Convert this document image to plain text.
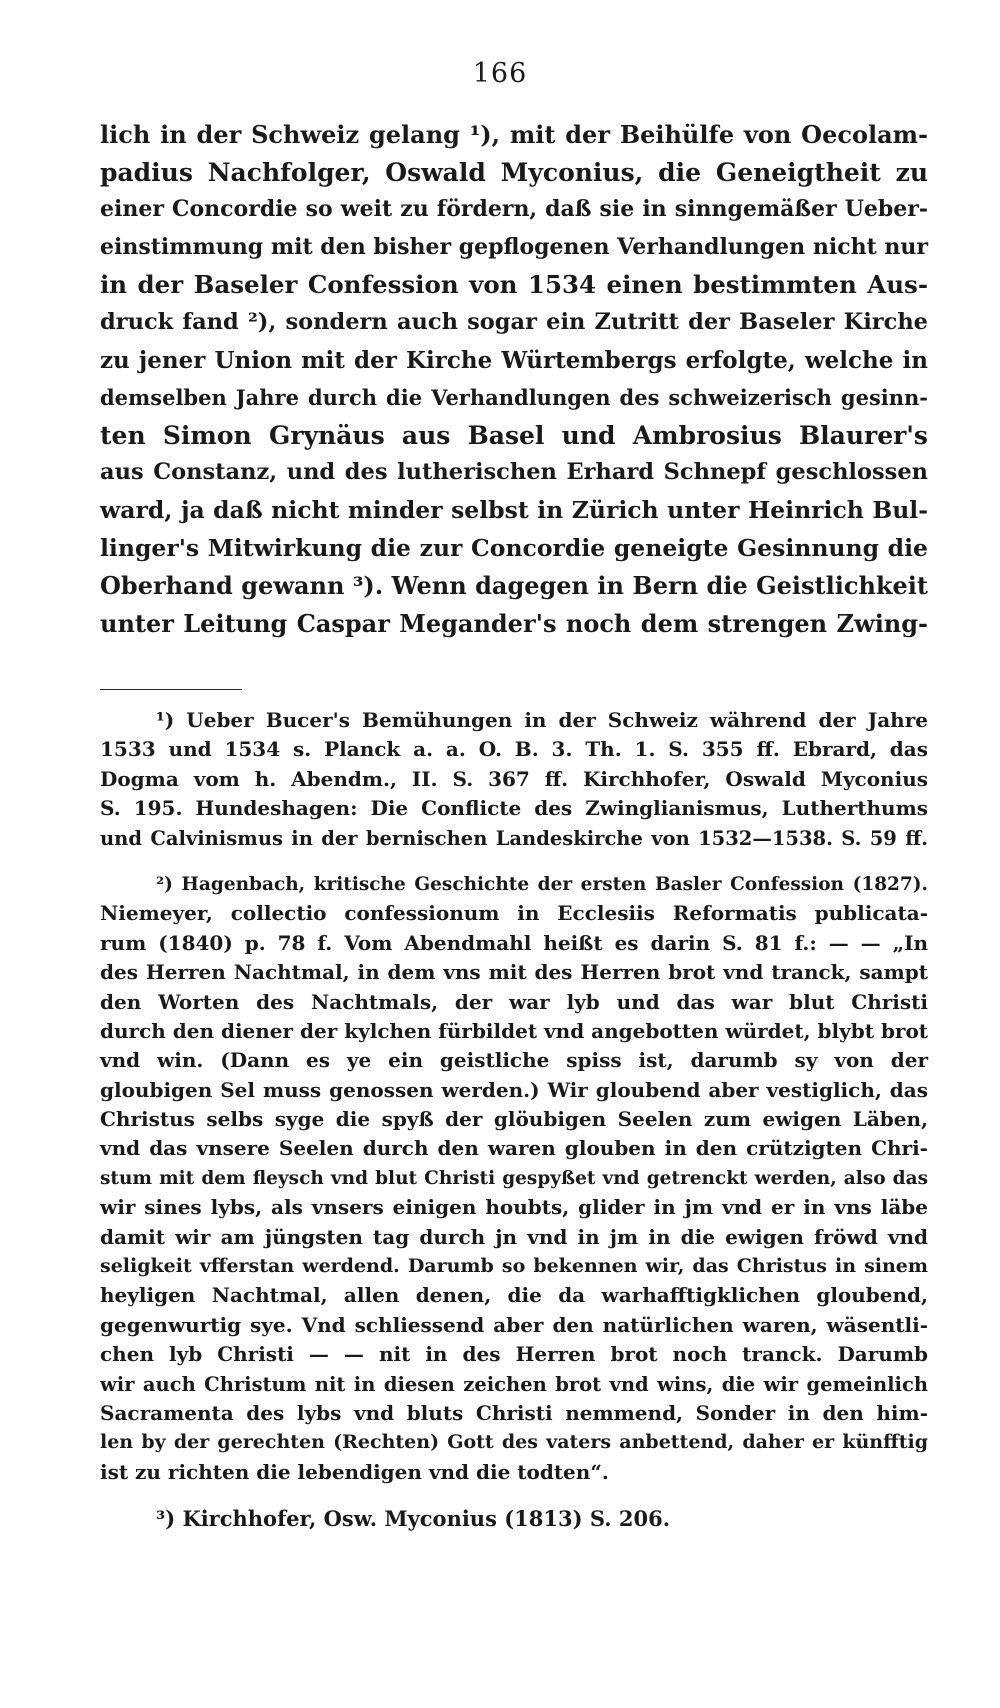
166
lich in der Schweiz gelang ¹), mit der Beihülfe von Oecolam-
padius Nachfolger, Oswald Myconius, die Geneigtheit zu
einer Concordie so weit zu fördern, daß sie in sinngemäßer Ueber-
einstimmung mit den bisher gepflogenen Verhandlungen nicht nur
in der Baseler Confession von 1534 einen bestimmten Aus-
druck fand ²), sondern auch sogar ein Zutritt der Baseler Kirche
zu jener Union mit der Kirche Würtembergs erfolgte, welche in
demselben Jahre durch die Verhandlungen des schweizerisch gesinn-
ten Simon Grynäus aus Basel und Ambrosius Blaurer's
aus Constanz, und des lutherischen Erhard Schnepf geschlossen
ward, ja daß nicht minder selbst in Zürich unter Heinrich Bul-
linger's Mitwirkung die zur Concordie geneigte Gesinnung die
Oberhand gewann ³). Wenn dagegen in Bern die Geistlichkeit
unter Leitung Caspar Megander's noch dem strengen Zwing-
¹) Ueber Bucer's Bemühungen in der Schweiz während der Jahre
1533 und 1534 s. Planck a. a. O. B. 3. Th. 1. S. 355 ff. Ebrard, das
Dogma vom h. Abendm., II. S. 367 ff. Kirchhofer, Oswald Myconius
S. 195. Hundeshagen: Die Conflicte des Zwinglianismus, Lutherthums
und Calvinismus in der bernischen Landeskirche von 1532—1538. S. 59 ff.
²) Hagenbach, kritische Geschichte der ersten Basler Confession (1827).
Niemeyer, collectio confessionum in Ecclesiis Reformatis publicata-
rum (1840) p. 78 f. Vom Abendmahl heißt es darin S. 81 f.: — — „In
des Herren Nachtmal, in dem vns mit des Herren brot vnd tranck, sampt
den Worten des Nachtmals, der war lyb und das war blut Christi
durch den diener der kylchen fürbildet vnd angebotten würdet, blybt brot
vnd win. (Dann es ye ein geistliche spiss ist, darumb sy von der
gloubigen Sel muss genossen werden.) Wir gloubend aber vestiglich, das
Christus selbs syge die spyß der glöubigen Seelen zum ewigen Läben,
vnd das vnsere Seelen durch den waren glouben in den crützigten Chri-
stum mit dem fleysch vnd blut Christi gespyßet vnd getrenckt werden, also das
wir sines lybs, als vnsers einigen houbts, glider in jm vnd er in vns läbe
damit wir am jüngsten tag durch jn vnd in jm in die ewigen fröwd vnd
seligkeit vfferstan werdend. Darumb so bekennen wir, das Christus in sinem
heyligen Nachtmal, allen denen, die da warhafftigklichen gloubend,
gegenwurtig sye. Vnd schliessend aber den natürlichen waren, wäsentli-
chen lyb Christi — — nit in des Herren brot noch tranck. Darumb
wir auch Christum nit in diesen zeichen brot vnd wins, die wir gemeinlich
Sacramenta des lybs vnd bluts Christi nemmend, Sonder in den him-
len by der gerechten (Rechten) Gott des vaters anbettend, daher er künfftig
ist zu richten die lebendigen vnd die todten“.
³) Kirchhofer, Osw. Myconius (1813) S. 206.
